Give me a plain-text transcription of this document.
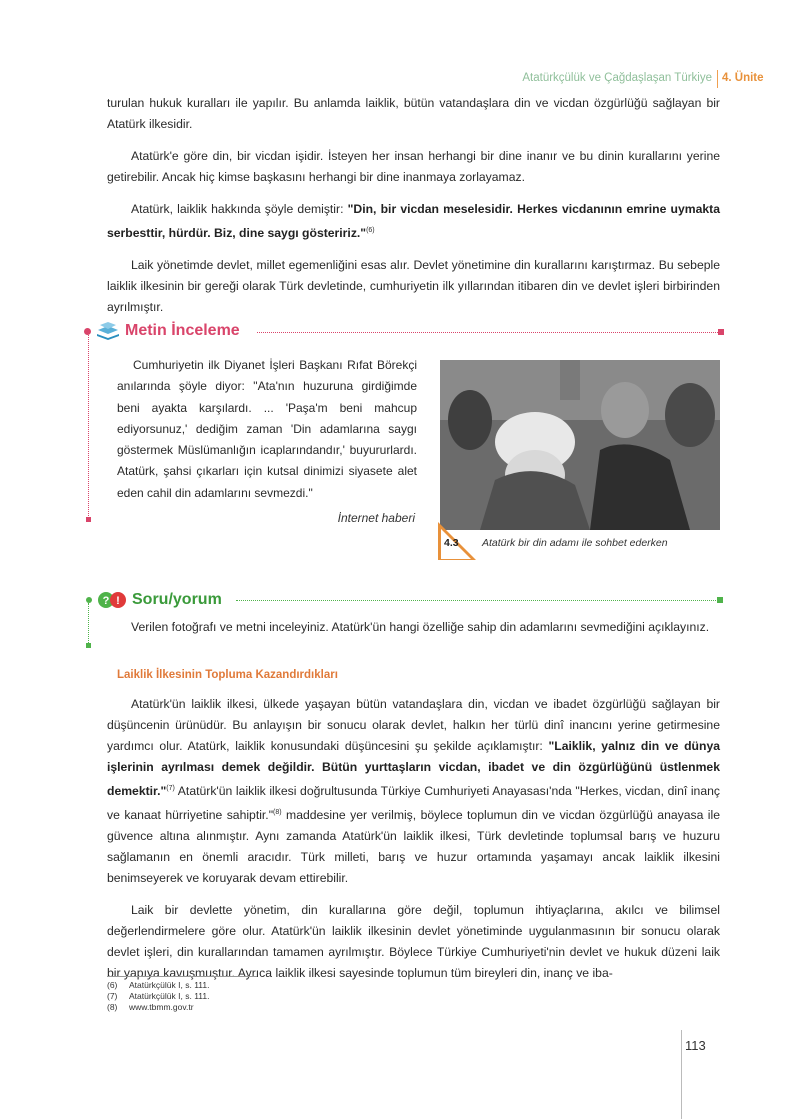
Atatürkçülük ve Çağdaşlaşan Türkiye 4. Ünite

turulan hukuk kuralları ile yapılır. Bu anlamda laiklik, bütün vatandaşlara din ve vicdan özgürlüğü sağlayan bir Atatürk ilkesidir.

Atatürk'e göre din, bir vicdan işidir. İsteyen her insan herhangi bir dine inanır ve bu dinin kurallarını yerine getirebilir. Ancak hiç kimse başkasını herhangi bir dine inanmaya zorlayamaz.

Atatürk, laiklik hakkında şöyle demiştir: "Din, bir vicdan meselesidir. Herkes vicdanının emrine uymakta serbesttir, hürdür. Biz, dine saygı gösteririz."$^{(6)}$

Laik yönetimde devlet, millet egemenliğini esas alır. Devlet yönetimine din kurallarını karıştırmaz. Bu sebeple laiklik ilkesinin bir gereği olarak Türk devletinde, cumhuriyetin ilk yıllarından itibaren din ve devlet işleri birbirinden ayrılmıştır.

Metin İnceleme

Cumhuriyetin ilk Diyanet İşleri Başkanı Rıfat Börekçi anılarında şöyle diyor: "Ata'nın huzuruna girdiğimde beni ayakta karşılardı. ... 'Paşa'm beni mahcup ediyorsunuz,' dediğim zaman 'Din adamlarına saygı göstermek Müslümanlığın icaplarındandır,' buyururlardı. Atatürk, şahsi çıkarları için kutsal dinimizi siyasete alet eden cahil din adamlarını sevmezdi."

İnternet haberi
4.3 Atatürk bir din adamı ile sohbet ederken
? ! Soru/yorum

Verilen fotoğrafı ve metni inceleyiniz. Atatürk'ün hangi özelliğe sahip din adamlarını sevmediğini açıklayınız.

Laiklik İlkesinin Topluma Kazandırdıkları

Atatürk'ün laiklik ilkesi, ülkede yaşayan bütün vatandaşlara din, vicdan ve ibadet özgürlüğü sağlayan bir düşüncenin ürünüdür. Bu anlayışın bir sonucu olarak devlet, halkın her türlü dinî inancını yerine getirmesine yardımcı olur. Atatürk, laiklik konusundaki düşüncesini şu şekilde açıklamıştır: "Laiklik, yalnız din ve dünya işlerinin ayrılması demek değildir. Bütün yurttaşların vicdan, ibadet ve din özgürlüğünü üstlenmek demektir."$^{(7)}$ Atatürk'ün laiklik ilkesi doğrultusunda Türkiye Cumhuriyeti Anayasası'nda "Herkes, vicdan, dinî inanç ve kanaat hürriyetine sahiptir."$^{(8)}$ maddesine yer verilmiş, böylece toplumun din ve vicdan özgürlüğü anayasa ile güvence altına alınmıştır. Aynı zamanda Atatürk'ün laiklik ilkesi, Türk devletinde toplumsal barış ve huzuru sağlamanın en önemli aracıdır. Türk milleti, barış ve huzur ortamında yaşamayı ancak laiklik ilkesini benimseyerek ve koruyarak devam ettirebilir.

Laik bir devlette yönetim, din kurallarına göre değil, toplumun ihtiyaçlarına, akılcı ve bilimsel değerlendirmelere göre olur. Atatürk'ün laiklik ilkesinin devlet yönetiminde uygulanmasının bir sonucu olarak devlet işleri, din kurallarından tamamen ayrılmıştır. Böylece Türkiye Cumhuriyeti'nin devlet ve hukuk düzeni laik bir yapıya kavuşmuştur. Ayrıca laiklik ilkesi sayesinde toplumun tüm bireyleri din, inanç ve iba-

(6) Atatürkçülük I, s. 111.
(7) Atatürkçülük I, s. 111.
(8) www.tbmm.gov.tr
113
